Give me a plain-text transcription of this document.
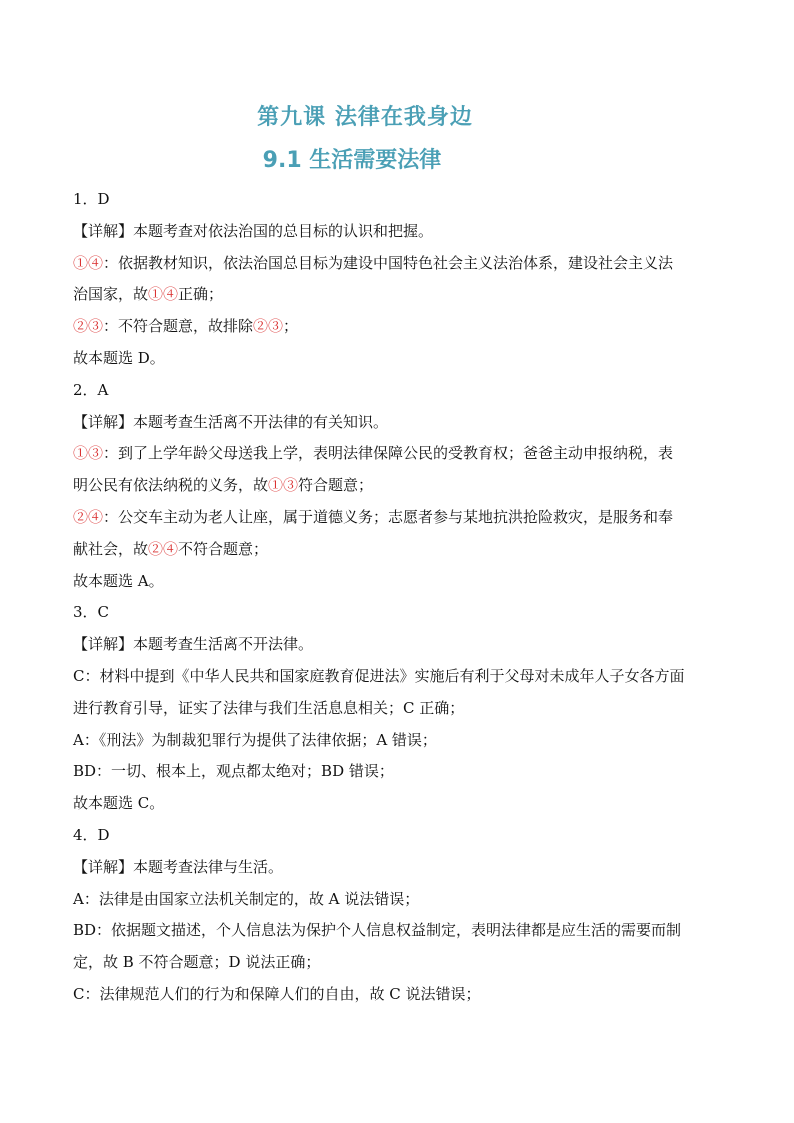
第九课 法律在我身边
9.1 生活需要法律

1．D

【详解】本题考查对依法治国的总目标的认识和把握。

①④：依据教材知识，依法治国总目标为建设中国特色社会主义法治体系，建设社会主义法

治国家，故①④正确；

②③：不符合题意，故排除②③；

故本题选 D。

2．A

【详解】本题考查生活离不开法律的有关知识。

①③：到了上学年龄父母送我上学，表明法律保障公民的受教育权；爸爸主动申报纳税，表

明公民有依法纳税的义务，故①③符合题意；

②④：公交车主动为老人让座，属于道德义务；志愿者参与某地抗洪抢险救灾，是服务和奉

献社会，故②④不符合题意；

故本题选 A。

3．C

【详解】本题考查生活离不开法律。

C：材料中提到《中华人民共和国家庭教育促进法》实施后有利于父母对未成年人子女各方面

进行教育引导，证实了法律与我们生活息息相关；C 正确；

A：《刑法》为制裁犯罪行为提供了法律依据；A 错误；

BD：一切、根本上，观点都太绝对；BD 错误；

故本题选 C。

4．D

【详解】本题考查法律与生活。

A：法律是由国家立法机关制定的，故 A 说法错误；

BD：依据题文描述，个人信息法为保护个人信息权益制定，表明法律都是应生活的需要而制

定，故 B 不符合题意；D 说法正确；

C：法律规范人们的行为和保障人们的自由，故 C 说法错误；
